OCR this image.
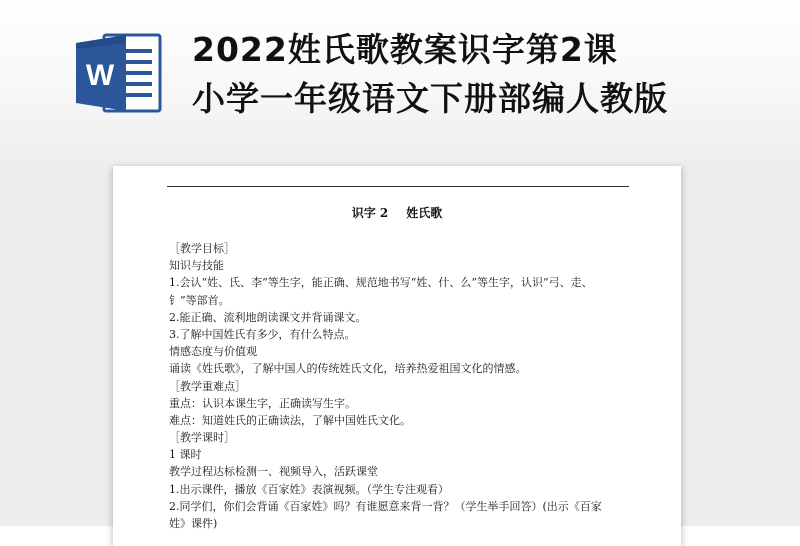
W
2022姓氏歌教案识字第2课
小学一年级语文下册部编人教版
识字 2 姓氏歌
［教学目标］
知识与技能
1.会认“姓、氏、李”等生字，能正确、规范地书写“姓、什、么”等生字，认识“弓、走、
钅”等部首。
2.能正确、流利地朗读课文并背诵课文。
3.了解中国姓氏有多少，有什么特点。
情感态度与价值观
诵读《姓氏歌》，了解中国人的传统姓氏文化，培养热爱祖国文化的情感。
［教学重难点］
重点：认识本课生字，正确读写生字。
难点：知道姓氏的正确读法，了解中国姓氏文化。
［教学课时］
1 课时
教学过程达标检测一、视频导入，活跃课堂
1.出示课件，播放《百家姓》表演视频。（学生专注观看）
2.同学们，你们会背诵《百家姓》吗？有谁愿意来背一背？（学生举手回答）(出示《百家
姓》课件)
